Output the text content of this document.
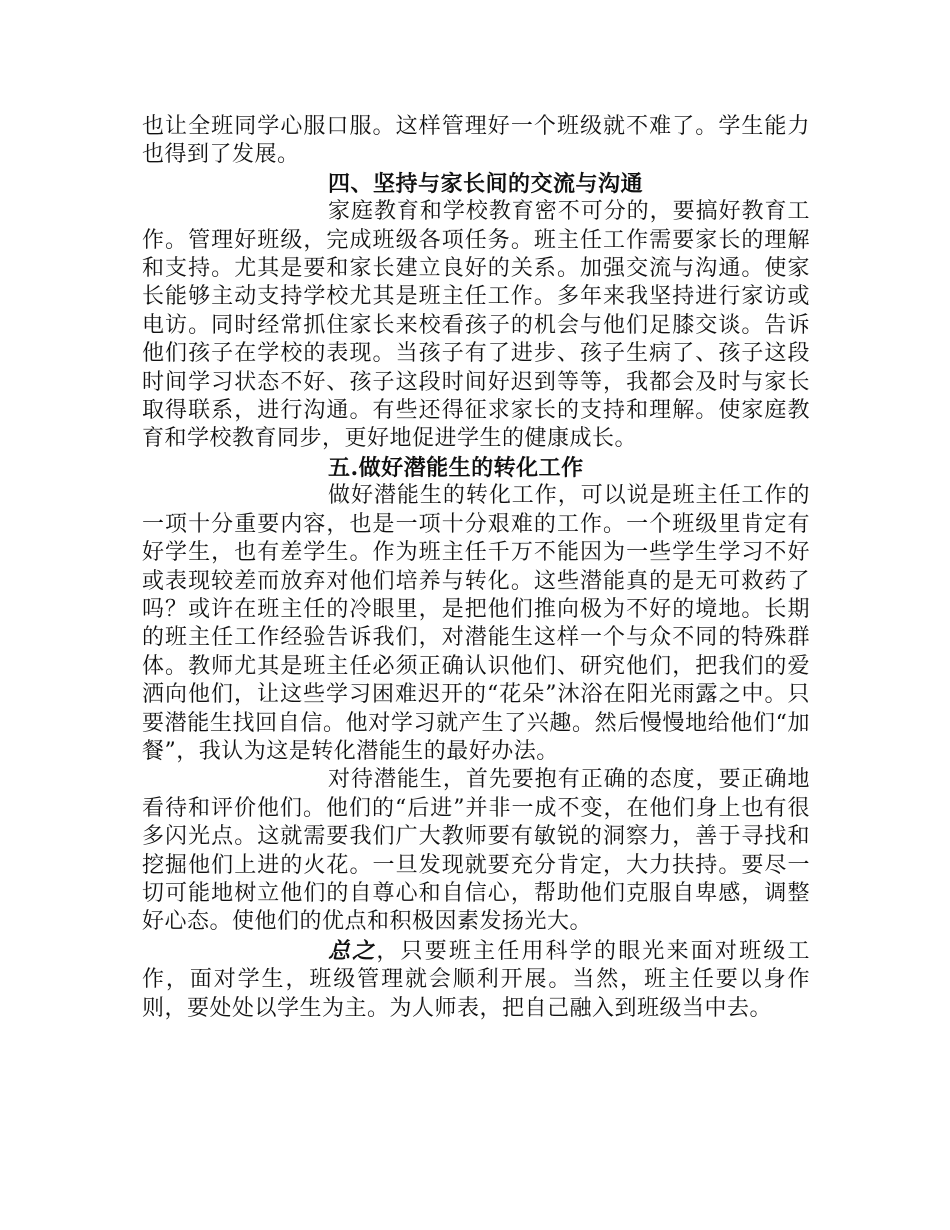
也让全班同学心服口服。这样管理好一个班级就不难了。学生能力也得到了发展。

四、坚持与家长间的交流与沟通

家庭教育和学校教育密不可分的，要搞好教育工作。管理好班级，完成班级各项任务。班主任工作需要家长的理解和支持。尤其是要和家长建立良好的关系。加强交流与沟通。使家长能够主动支持学校尤其是班主任工作。多年来我坚持进行家访或电访。同时经常抓住家长来校看孩子的机会与他们足膝交谈。告诉他们孩子在学校的表现。当孩子有了进步、孩子生病了、孩子这段时间学习状态不好、孩子这段时间好迟到等等，我都会及时与家长取得联系，进行沟通。有些还得征求家长的支持和理解。使家庭教育和学校教育同步，更好地促进学生的健康成长。

五.做好潜能生的转化工作

做好潜能生的转化工作，可以说是班主任工作的一项十分重要内容，也是一项十分艰难的工作。一个班级里肯定有好学生，也有差学生。作为班主任千万不能因为一些学生学习不好或表现较差而放弃对他们培养与转化。这些潜能真的是无可救药了吗？或许在班主任的冷眼里，是把他们推向极为不好的境地。长期的班主任工作经验告诉我们，对潜能生这样一个与众不同的特殊群体。教师尤其是班主任必须正确认识他们、研究他们，把我们的爱洒向他们，让这些学习困难迟开的“花朵”沐浴在阳光雨露之中。只要潜能生找回自信。他对学习就产生了兴趣。然后慢慢地给他们“加餐”，我认为这是转化潜能生的最好办法。

对待潜能生，首先要抱有正确的态度，要正确地看待和评价他们。他们的“后进”并非一成不变，在他们身上也有很多闪光点。这就需要我们广大教师要有敏锐的洞察力，善于寻找和挖掘他们上进的火花。一旦发现就要充分肯定，大力扶持。要尽一切可能地树立他们的自尊心和自信心，帮助他们克服自卑感，调整好心态。使他们的优点和积极因素发扬光大。

总之，只要班主任用科学的眼光来面对班级工作，面对学生，班级管理就会顺利开展。当然，班主任要以身作则，要处处以学生为主。为人师表，把自己融入到班级当中去。
